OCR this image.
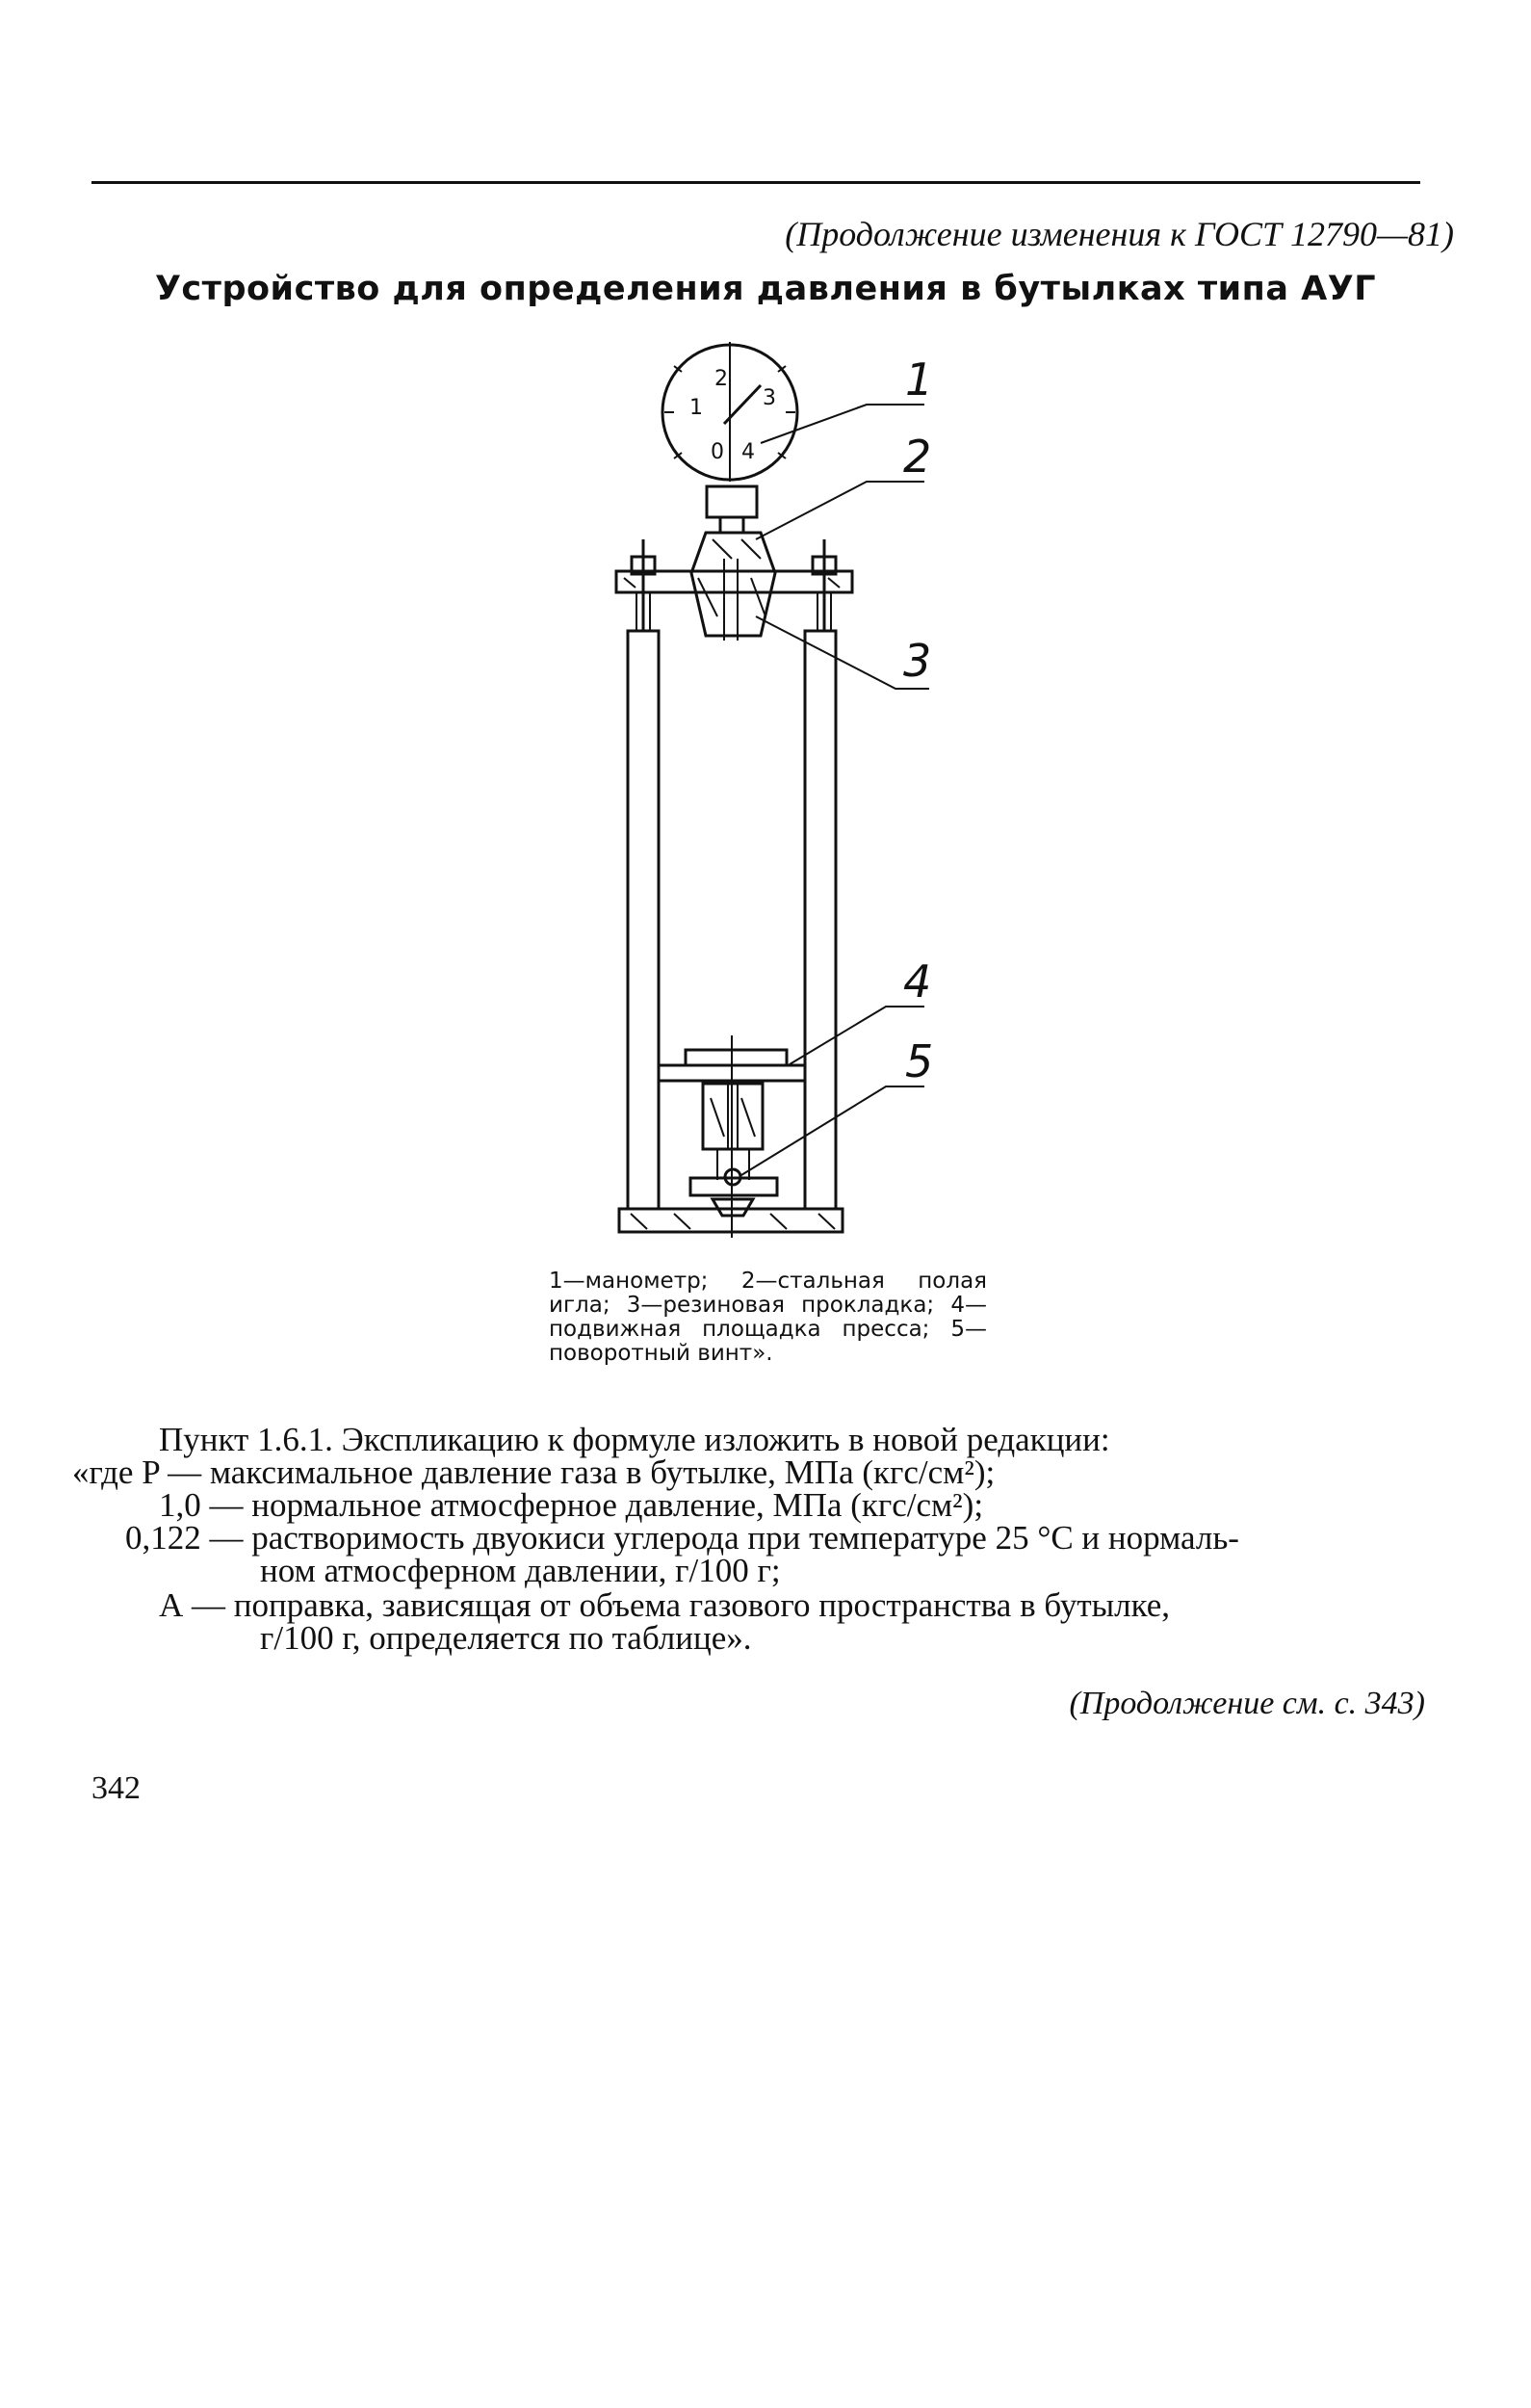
(Продолжение изменения к ГОСТ 12790—81)
Устройство для определения давления в бутылках типа АУГ
1
2
3
0 4
1
2
3
4
5
1—манометр; 2—стальная полая игла; 3—резиновая прокладка; 4—подвижная площадка пресса; 5—поворотный винт».
Пункт 1.6.1. Экспликацию к формуле изложить в новой редакции:
«где P — максимальное давление газа в бутылке, МПа (кгс/см²);
1,0 — нормальное атмосферное давление, МПа (кгс/см²);
0,122 — растворимость двуокиси углерода при температуре 25 °С и нормаль-
ном атмосферном давлении, г/100 г;
А — поправка, зависящая от объема газового пространства в бутылке,
г/100 г, определяется по таблице».
(Продолжение см. с. 343)
342
